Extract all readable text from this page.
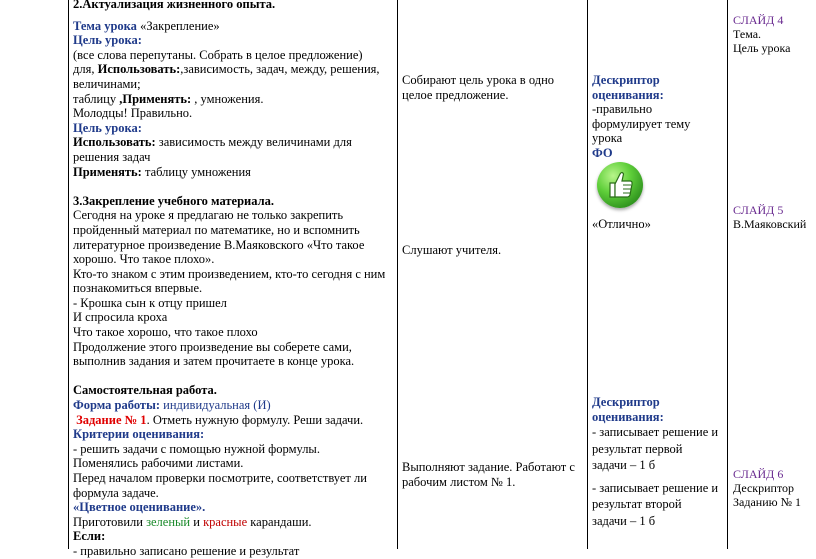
2.Актуализация жизненного опыта.

Тема урока «Закрепление»

Цель урока:

(все слова перепутаны. Собрать в целое предложение)

для, Использовать:,зависимость, задач, между, решения,

величинами;

таблицу ,Применять: , умножения.

Молодцы! Правильно.

Цель урока:

Использовать: зависимость между величинами для

решения задач

Применять: таблицу умножения

3.Закрепление учебного материала.

Сегодня на уроке я предлагаю не только закрепить

пройденный материал по математике, но и вспомнить

литературное произведение В.Маяковского «Что такое

хорошо. Что такое плохо».

Кто-то знаком с этим произведением, кто-то сегодня с ним

познакомиться впервые.

- Крошка сын к отцу пришел

И спросила кроха

Что такое хорошо, что такое плохо

Продолжение этого произведение вы соберете сами,

выполнив задания и затем прочитаете в конце урока.

Самостоятельная работа.

Форма работы: индивидуальная (И)

Задание № 1. Отметь нужную формулу. Реши задачи.

Критерии оценивания:

- решить задачи с помощью нужной формулы.

Поменялись рабочими листами.

Перед началом проверки посмотрите, соответствует ли

формула задаче.

«Цветное оценивание».

Приготовили зеленый и красные карандаши.

Если:

- правильно записано решение и результат

Собирают цель урока в одно

целое предложение.

Слушают учителя.

Выполняют задание. Работают с

рабочим листом № 1.

Дескриптор

оценивания:

-правильно

формулирует тему

урока

ФО

«Отлично»

Дескриптор

оценивания:

- записывает решение и

результат первой

задачи – 1 б

- записывает решение и

результат второй

задачи – 1 б

СЛАЙД 4

Тема.

Цель урока

СЛАЙД 5

В.Маяковский

СЛАЙД 6

Дескриптор

Заданию № 1
